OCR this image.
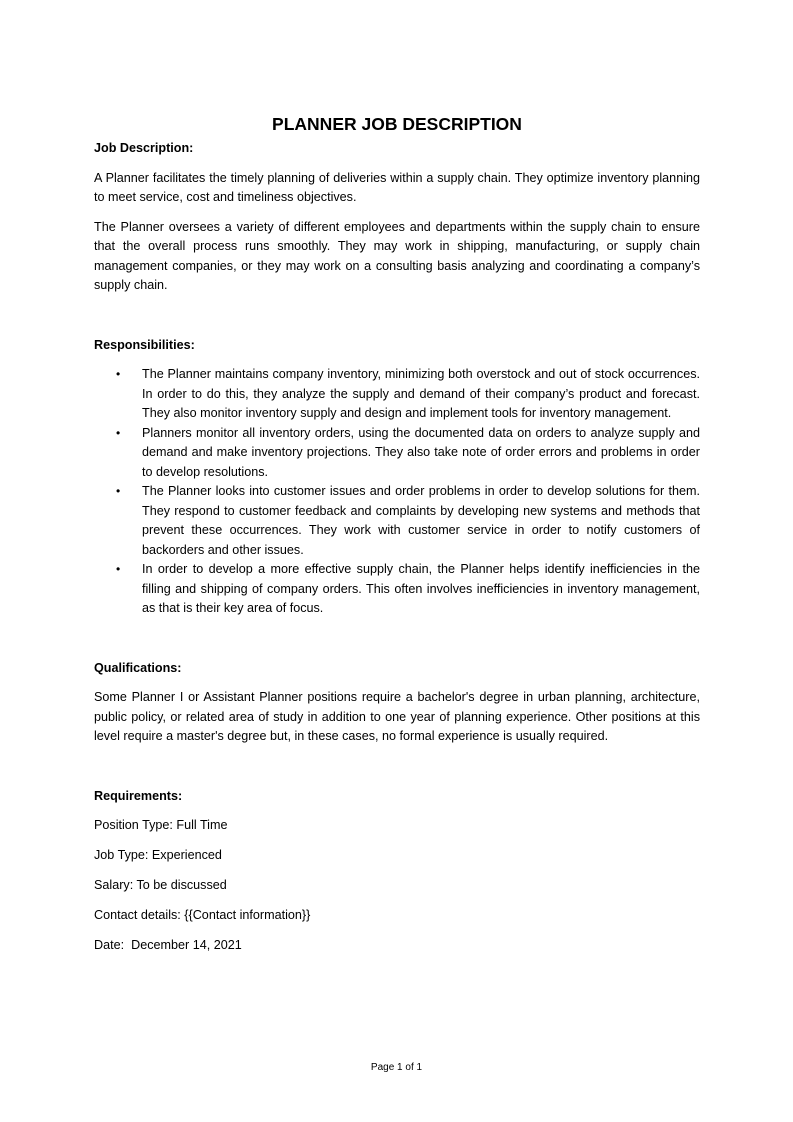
PLANNER JOB DESCRIPTION
Job Description:

A Planner facilitates the timely planning of deliveries within a supply chain. They optimize inventory planning to meet service, cost and timeliness objectives.

The Planner oversees a variety of different employees and departments within the supply chain to ensure that the overall process runs smoothly. They may work in shipping, manufacturing, or supply chain management companies, or they may work on a consulting basis analyzing and coordinating a company’s supply chain.

Responsibilities:
• The Planner maintains company inventory, minimizing both overstock and out of stock occurrences. In order to do this, they analyze the supply and demand of their company’s product and forecast. They also monitor inventory supply and design and implement tools for inventory management.
• Planners monitor all inventory orders, using the documented data on orders to analyze supply and demand and make inventory projections. They also take note of order errors and problems in order to develop resolutions.
• The Planner looks into customer issues and order problems in order to develop solutions for them. They respond to customer feedback and complaints by developing new systems and methods that prevent these occurrences. They work with customer service in order to notify customers of backorders and other issues.
• In order to develop a more effective supply chain, the Planner helps identify inefficiencies in the filling and shipping of company orders. This often involves inefficiencies in inventory management, as that is their key area of focus.
Qualifications:

Some Planner I or Assistant Planner positions require a bachelor's degree in urban planning, architecture, public policy, or related area of study in addition to one year of planning experience. Other positions at this level require a master's degree but, in these cases, no formal experience is usually required.

Requirements:
Position Type: Full Time
Job Type: Experienced
Salary: To be discussed
Contact details: {{Contact information}}
Date:  December 14, 2021
Page 1 of 1
